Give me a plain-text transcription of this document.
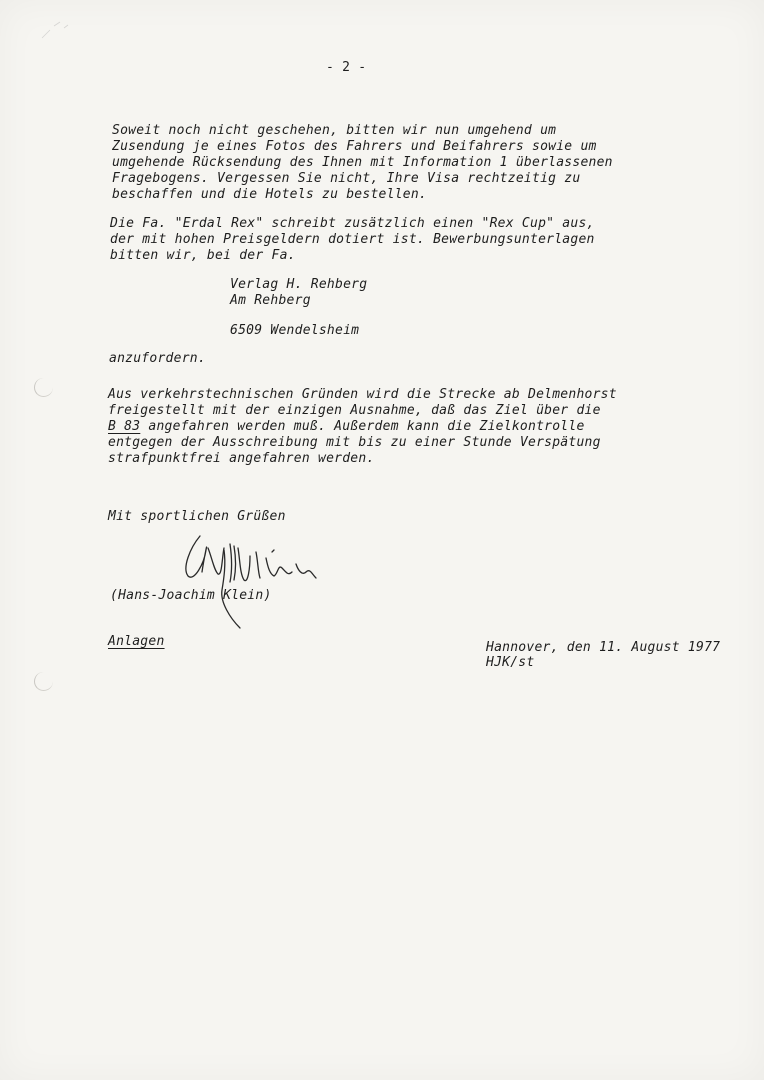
- 2 -
Soweit noch nicht geschehen, bitten wir nun umgehend um
Zusendung je eines Fotos des Fahrers und Beifahrers sowie um
umgehende Rücksendung des Ihnen mit Information 1 überlassenen
Fragebogens. Vergessen Sie nicht, Ihre Visa rechtzeitig zu
beschaffen und die Hotels zu bestellen.
Die Fa. "Erdal Rex" schreibt zusätzlich einen "Rex Cup" aus,
der mit hohen Preisgeldern dotiert ist. Bewerbungsunterlagen
bitten wir, bei der Fa.
Verlag H. Rehberg
Am Rehberg
6509 Wendelsheim
anzufordern.
Aus verkehrstechnischen Gründen wird die Strecke ab Delmenhorst
freigestellt mit der einzigen Ausnahme, daß das Ziel über die
B 83 angefahren werden muß. Außerdem kann die Zielkontrolle
entgegen der Ausschreibung mit bis zu einer Stunde Verspätung
strafpunktfrei angefahren werden.
Mit sportlichen Grüßen
(Hans-Joachim Klein)
Anlagen	Hannover, den 11. August 1977
HJK/st
